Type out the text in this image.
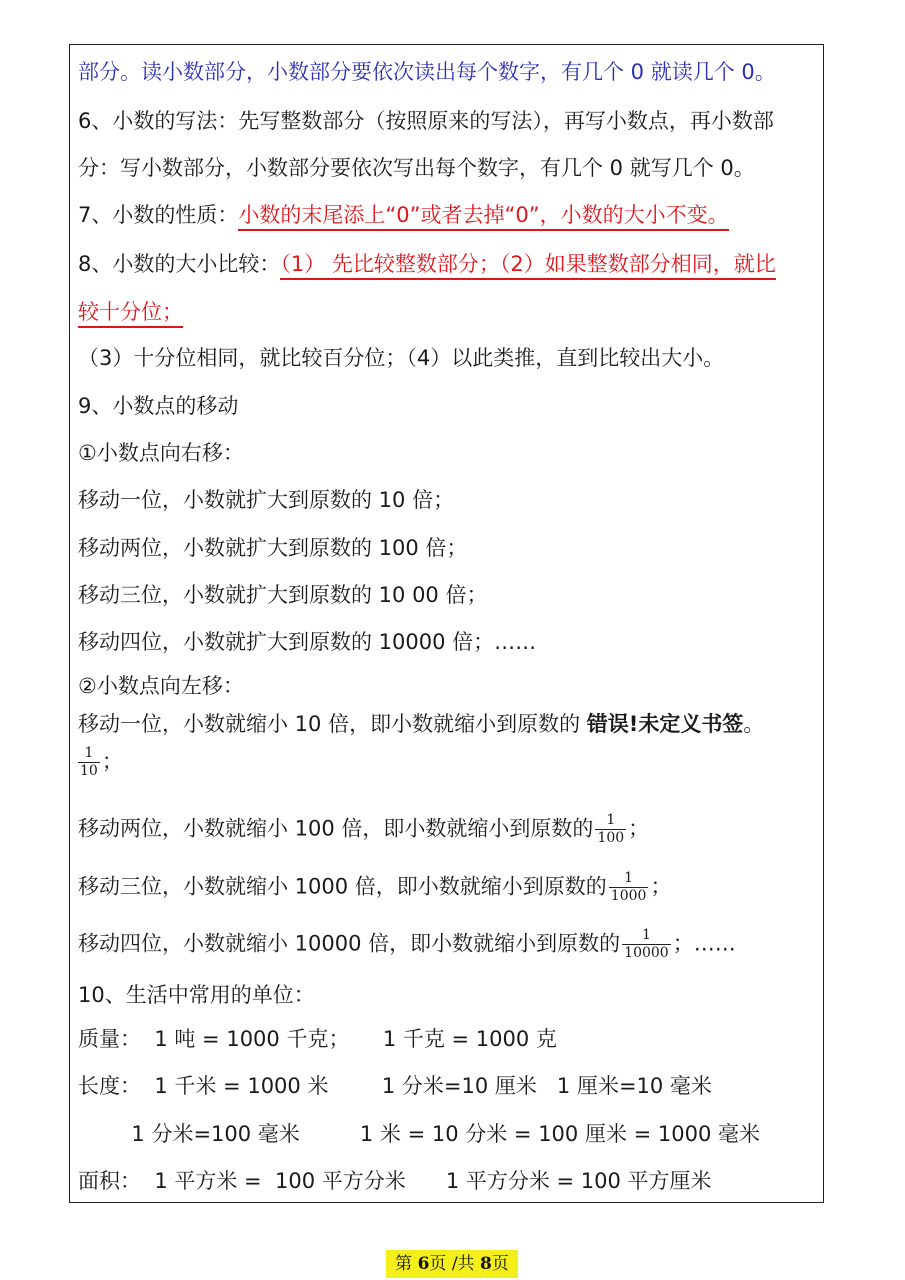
部分。读小数部分，小数部分要依次读出每个数字，有几个 0 就读几个 0。
6、小数的写法：先写整数部分（按照原来的写法），再写小数点，再小数部
分：写小数部分，小数部分要依次写出每个数字，有几个 0 就写几个 0。
7、小数的性质：小数的末尾添上“0”或者去掉“0”，小数的大小不变。
8、小数的大小比较：（1） 先比较整数部分；（2）如果整数部分相同，就比
较十分位；
（3）十分位相同，就比较百分位；（4）以此类推，直到比较出大小。
9、小数点的移动
①小数点向右移：
移动一位，小数就扩大到原数的 10 倍；
移动两位，小数就扩大到原数的 100 倍；
移动三位，小数就扩大到原数的 10 00 倍；
移动四位，小数就扩大到原数的 10000 倍；……
②小数点向左移：
移动一位，小数就缩小 10 倍，即小数就缩小到原数的 错误!未定义书签。
$\frac{1}{10}$ ；
移动两位，小数就缩小 100 倍，即小数就缩小到原数的 $\frac{1}{100}$ ；
移动三位，小数就缩小 1000 倍，即小数就缩小到原数的 $\frac{1}{1000}$ ；
移动四位，小数就缩小 10000 倍，即小数就缩小到原数的 $\frac{1}{10000}$ ；……
10、生活中常用的单位：
质量：  1 吨 = 1000 千克；     1 千克 = 1000 克
长度：  1 千米 = 1000 米        1 分米=10 厘米   1 厘米=10 毫米
1 分米=100 毫米         1 米 = 10 分米 = 100 厘米 = 1000 毫米
面积：  1 平方米 =  100 平方分米      1 平方分米 = 100 平方厘米
第 6页 /共 8页
